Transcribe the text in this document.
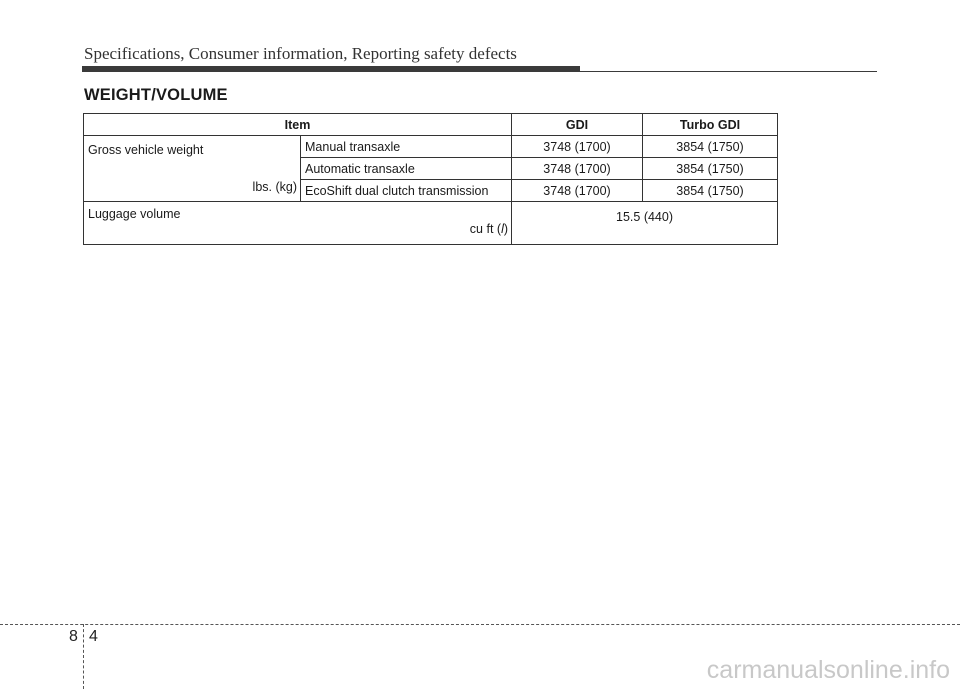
Specifications, Consumer information, Reporting safety defects
WEIGHT/VOLUME
Item		GDI	Turbo GDI

Gross vehicle weight
lbs. (kg)	Manual transaxle	3748 (1700)	3854 (1750)
	Automatic transaxle	3748 (1700)	3854 (1750)
	EcoShift dual clutch transmission	3748 (1700)	3854 (1750)

Luggage volume
cu ft (l)		15.5 (440)	
8 4
carmanualsonline.info
